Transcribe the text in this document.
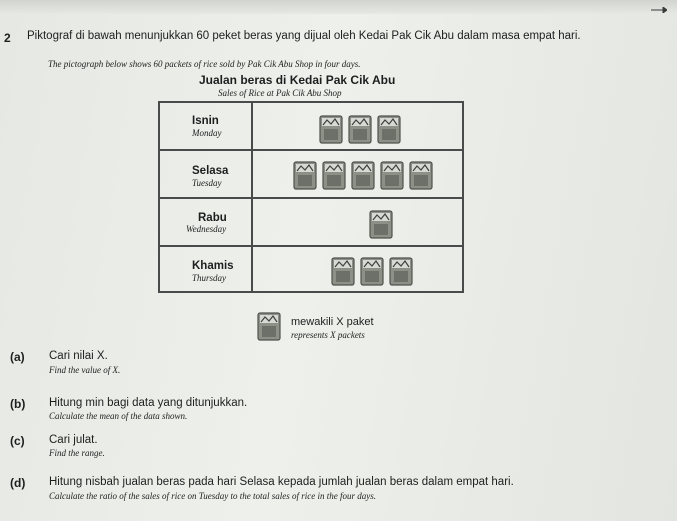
2 Piktograf di bawah menunjukkan 60 peket beras yang dijual oleh Kedai Pak Cik Abu dalam masa empat hari.
The pictograph below shows 60 packets of rice sold by Pak Cik Abu Shop in four days.
Jualan beras di Kedai Pak Cik Abu
Sales of Rice at Pak Cik Abu Shop
Isnin
Monday
Selasa
Tuesday
Rabu
Wednesday
Khamis
Thursday
mewakili X paket
represents X packets
(a) Cari nilai X.
Find the value of X.
(b) Hitung min bagi data yang ditunjukkan.
Calculate the mean of the data shown.
(c) Cari julat.
Find the range.
(d) Hitung nisbah jualan beras pada hari Selasa kepada jumlah jualan beras dalam empat hari.
Calculate the ratio of the sales of rice on Tuesday to the total sales of rice in the four days.
